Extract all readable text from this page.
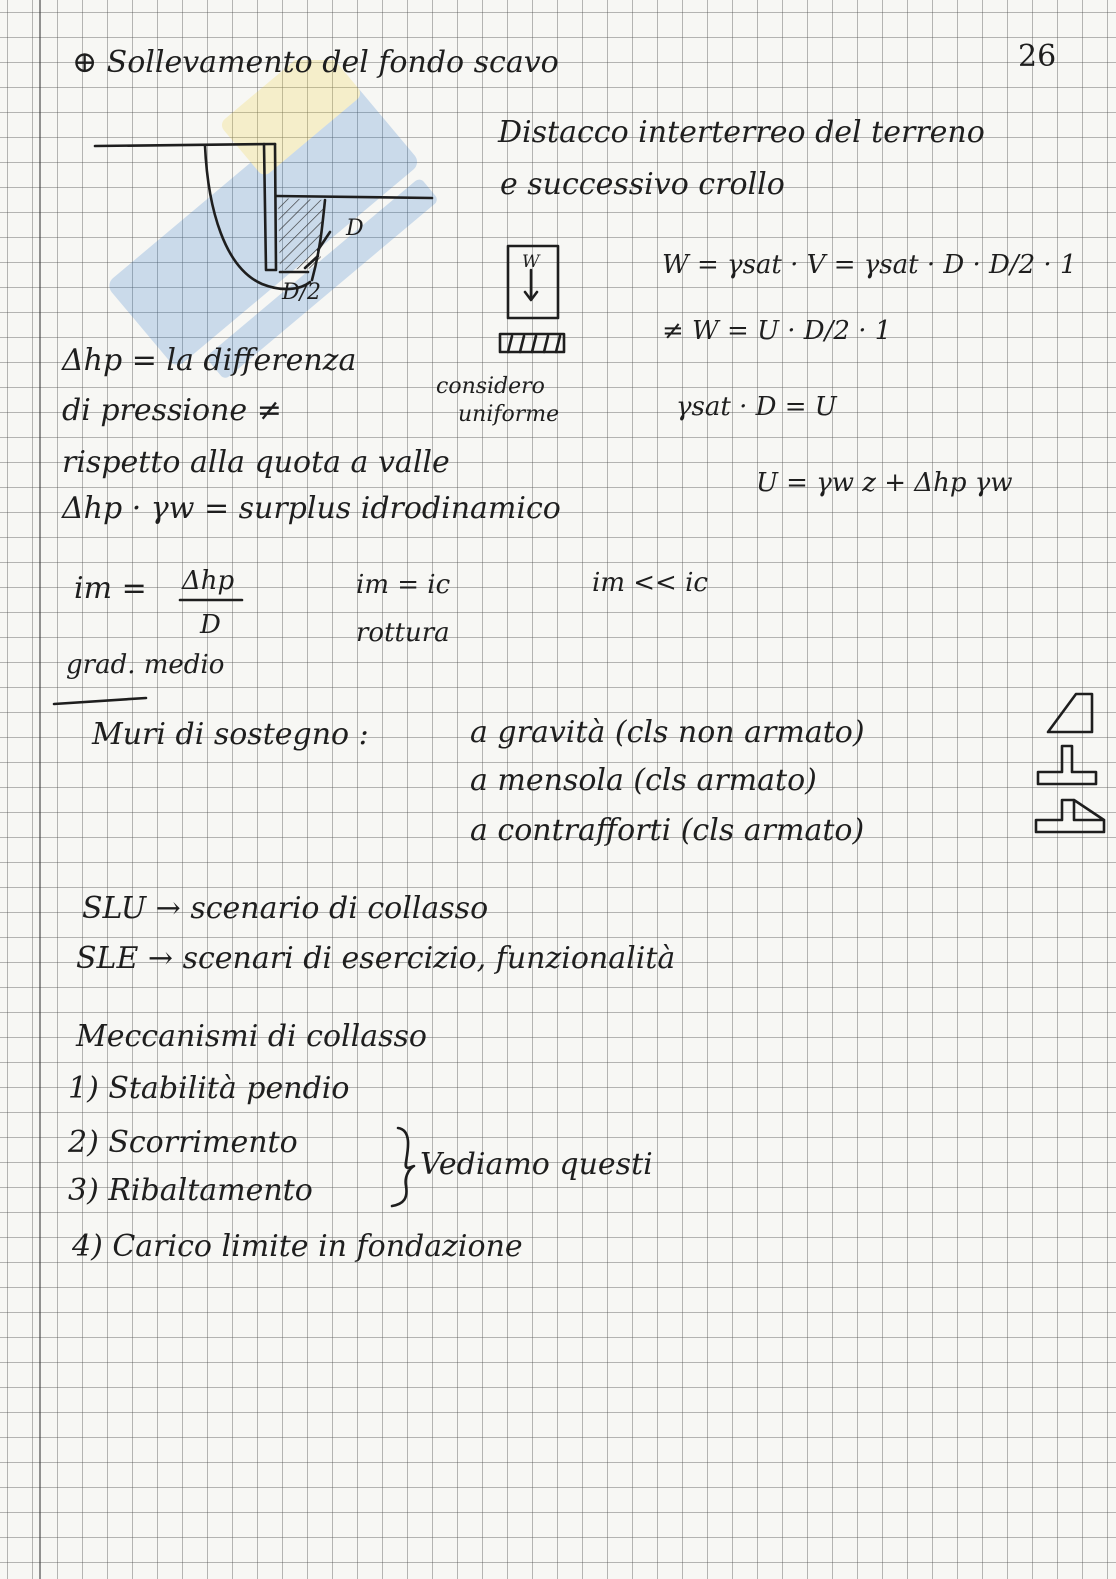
⊕ Sollevamento del fondo scavo	26
D
D/2
Distacco interterreo del terreno
e successivo crollo
W
considero
uniforme
W = γsat · V = γsat · D · D/2 · 1
≠ W = U · D/2 · 1
γsat · D = U
U = γw z + Δhp γw
Δhp = la differenza
di pressione ≠
rispetto alla quota a valle
Δhp · γw = surplus idrodinamico
im = Δhp
D
grad. medio
im = ic
rottura
im << ic
Muri di sostegno :	a gravità (cls non armato)
a mensola (cls armato)
a contrafforti (cls armato)
SLU → scenario di collasso
SLE → scenari di esercizio, funzionalità
Meccanismi di collasso
1) Stabilità pendio
2) Scorrimento
3) Ribaltamento
4) Carico limite in fondazione
Vediamo questi
